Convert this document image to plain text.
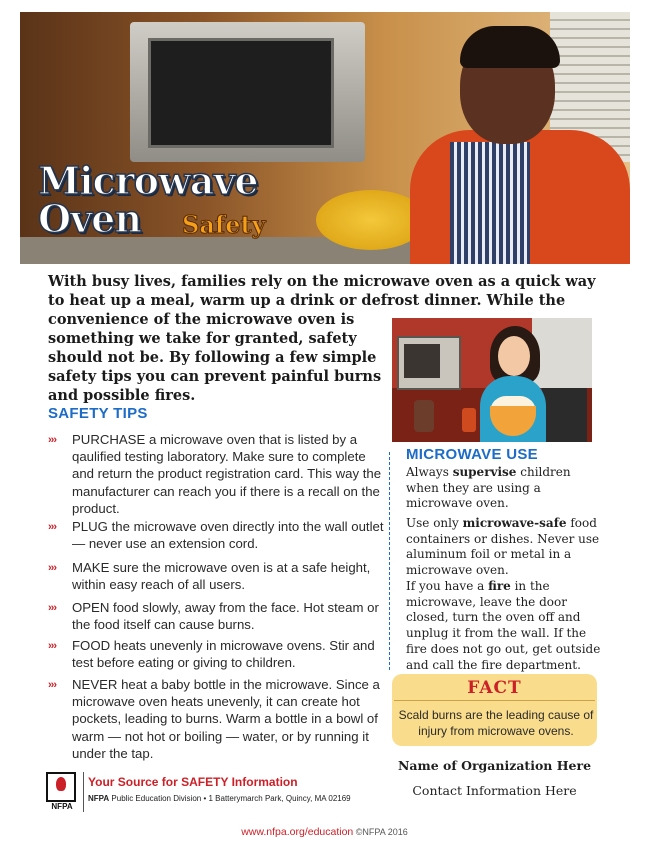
Microwave
Oven Safety
With busy lives, families rely on the microwave oven as a quick way to heat up a meal, warm up a drink or defrost dinner. While the
convenience of the microwave oven is something we take for granted, safety should not be. By following a few simple safety tips you can prevent painful burns and possible fires.
SAFETY TIPS
››› PURCHASE a microwave oven that is listed by a qaulified testing laboratory. Make sure to complete and return the product registration card. This way the manufacturer can reach you if there is a recall on the product.
››› PLUG the microwave oven directly into the wall outlet — never use an extension cord.
››› MAKE sure the microwave oven is at a safe height, within easy reach of all users.
››› OPEN food slowly, away from the face. Hot steam or the food itself can cause burns.
››› FOOD heats unevenly in microwave ovens. Stir and test before eating or giving to children.
››› NEVER heat a baby bottle in the microwave. Since a microwave oven heats unevenly, it can create hot pockets, leading to burns. Warm a bottle in a bowl of warm — not hot or boiling — water, or by running it under the tap.
MICROWAVE USE
Always supervise children when they are using a microwave oven.
Use only microwave-safe food containers or dishes. Never use aluminum foil or metal in a microwave oven.
If you have a fire in the microwave, leave the door closed, turn the oven off and unplug it from the wall. If the fire does not go out, get outside and call the fire department.
FACT
Scald burns are the leading cause of injury from microwave ovens.
Name of Organization Here
Contact Information Here
NFPA
Your Source for SAFETY Information
NFPA Public Education Division • 1 Batterymarch Park, Quincy, MA 02169
www.nfpa.org/education ©NFPA 2016
